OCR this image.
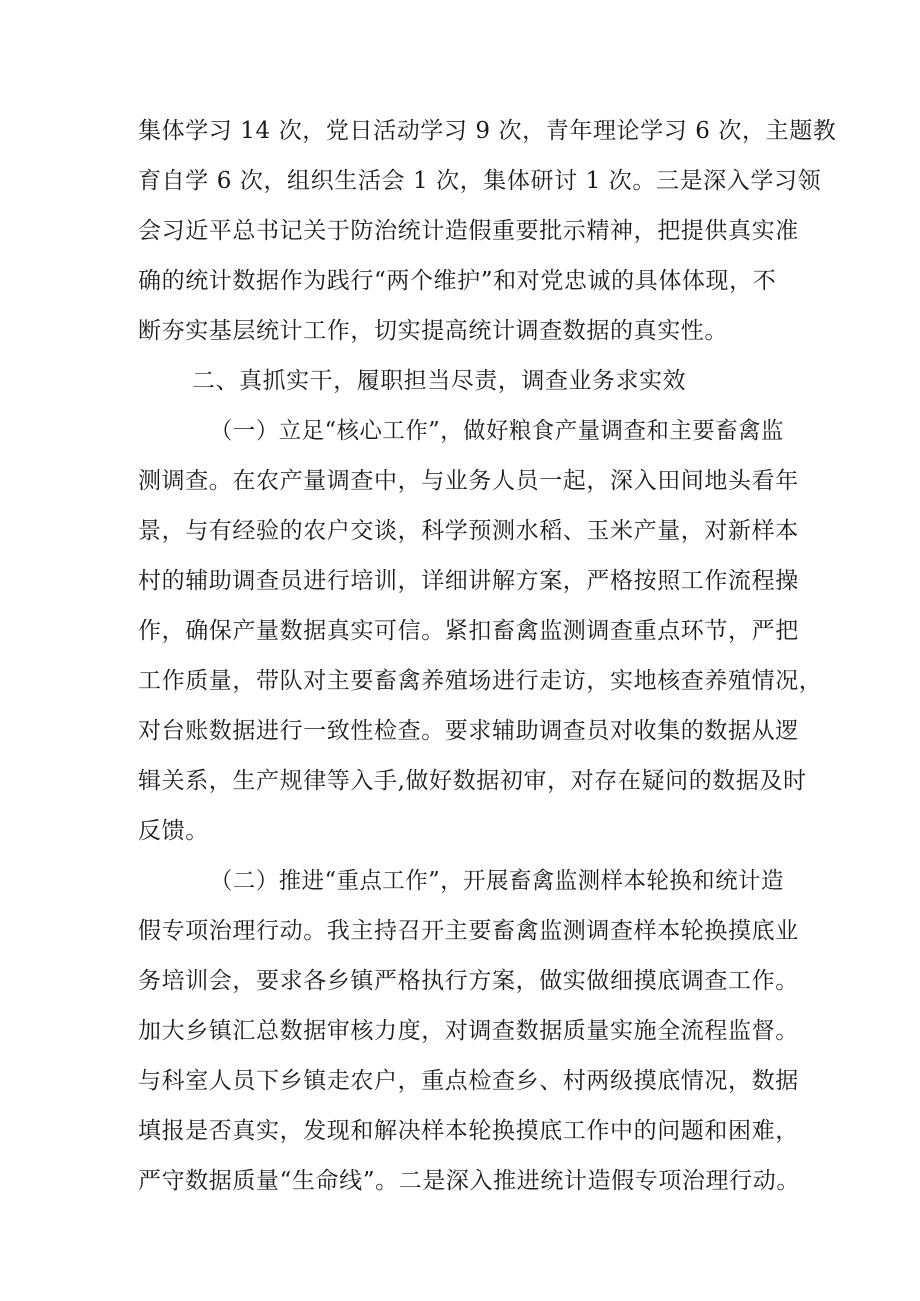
集体学习 14 次，党日活动学习 9 次，青年理论学习 6 次，主题教
育自学 6 次，组织生活会 1 次，集体研讨 1 次。三是深入学习领
会习近平总书记关于防治统计造假重要批示精神，把提供真实准
确的统计数据作为践行“两个维护”和对党忠诚的具体体现，不
断夯实基层统计工作，切实提高统计调查数据的真实性。
二、真抓实干，履职担当尽责，调查业务求实效
（一）立足“核心工作”，做好粮食产量调查和主要畜禽监
测调查。在农产量调查中，与业务人员一起，深入田间地头看年
景，与有经验的农户交谈，科学预测水稻、玉米产量，对新样本
村的辅助调查员进行培训，详细讲解方案，严格按照工作流程操
作，确保产量数据真实可信。紧扣畜禽监测调查重点环节，严把
工作质量，带队对主要畜禽养殖场进行走访，实地核查养殖情况，
对台账数据进行一致性检查。要求辅助调查员对收集的数据从逻
辑关系，生产规律等入手,做好数据初审，对存在疑问的数据及时
反馈。
（二）推进“重点工作”，开展畜禽监测样本轮换和统计造
假专项治理行动。我主持召开主要畜禽监测调查样本轮换摸底业
务培训会，要求各乡镇严格执行方案，做实做细摸底调查工作。
加大乡镇汇总数据审核力度，对调查数据质量实施全流程监督。
与科室人员下乡镇走农户，重点检查乡、村两级摸底情况，数据
填报是否真实，发现和解决样本轮换摸底工作中的问题和困难，
严守数据质量“生命线”。二是深入推进统计造假专项治理行动。
